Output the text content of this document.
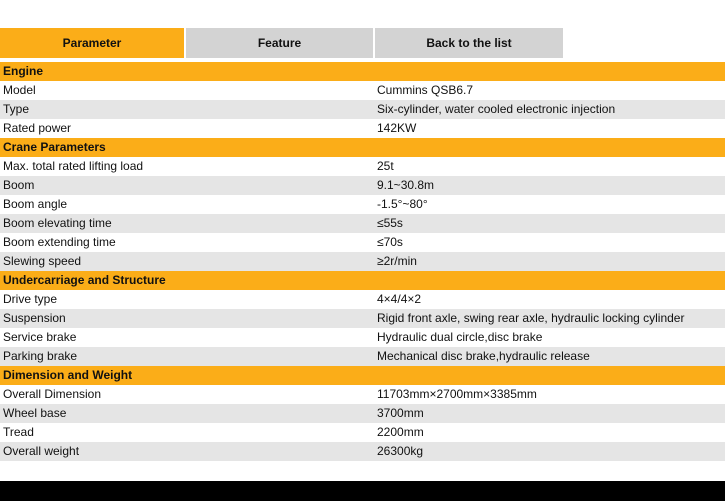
Parameter	Feature	Back to the list
Engine
Model	Cummins QSB6.7
Type	Six-cylinder, water cooled electronic injection
Rated power	142KW
Crane Parameters
Max. total rated lifting load	25t
Boom	9.1~30.8m
Boom angle	-1.5°~80°
Boom elevating time	≤55s
Boom extending time	≤70s
Slewing speed	≥2r/min
Undercarriage and Structure
Drive type	4×4/4×2
Suspension	Rigid front axle, swing rear axle, hydraulic locking cylinder
Service brake	Hydraulic dual circle,disc brake
Parking brake	Mechanical disc brake,hydraulic release
Dimension and Weight
Overall Dimension	11703mm×2700mm×3385mm
Wheel base	3700mm
Tread	2200mm
Overall weight	26300kg
